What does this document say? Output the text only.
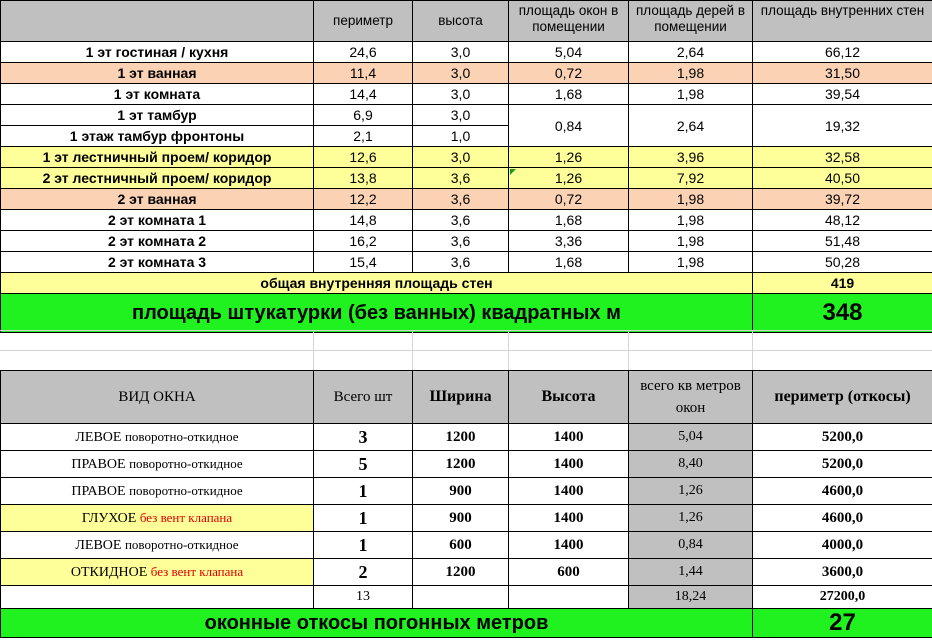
	периметр	высота	площадь окон в помещении	площадь дерей в помещении	площадь внутренних стен
1 эт гостиная / кухня	24,6	3,0	5,04	2,64	66,12
1 эт ванная	11,4	3,0	0,72	1,98	31,50
1 эт комната	14,4	3,0	1,68	1,98	39,54
1 эт тамбур	6,9	3,0	0,84	2,64	19,32
1 этаж тамбур фронтоны	2,1	1,0			
1 эт лестничный проем/ коридор	12,6	3,0	1,26	3,96	32,58
2 эт лестничный проем/ коридор	13,8	3,6	1,26	7,92	40,50
2 эт ванная	12,2	3,6	0,72	1,98	39,72
2 эт комната 1	14,8	3,6	1,68	1,98	48,12
2 эт комната 2	16,2	3,6	3,36	1,98	51,48
2 эт комната 3	15,4	3,6	1,68	1,98	50,28
общая внутренняя площадь стен					419
площадь штукатурки (без ванных) квадратных м					348
ВИД ОКНА	Всего шт	Ширина	Высота	всего кв метров окон	периметр (откосы)
ЛЕВОЕ поворотно-откидное	3	1200	1400	5,04	5200,0
ПРАВОЕ поворотно-откидное	5	1200	1400	8,40	5200,0
ПРАВОЕ поворотно-откидное	1	900	1400	1,26	4600,0
ГЛУХОЕ без вент клапана	1	900	1400	1,26	4600,0
ЛЕВОЕ поворотно-откидное	1	600	1400	0,84	4000,0
ОТКИДНОЕ без вент клапана	2	1200	600	1,44	3600,0
	13			18,24	27200,0
оконные откосы погонных метров					27
